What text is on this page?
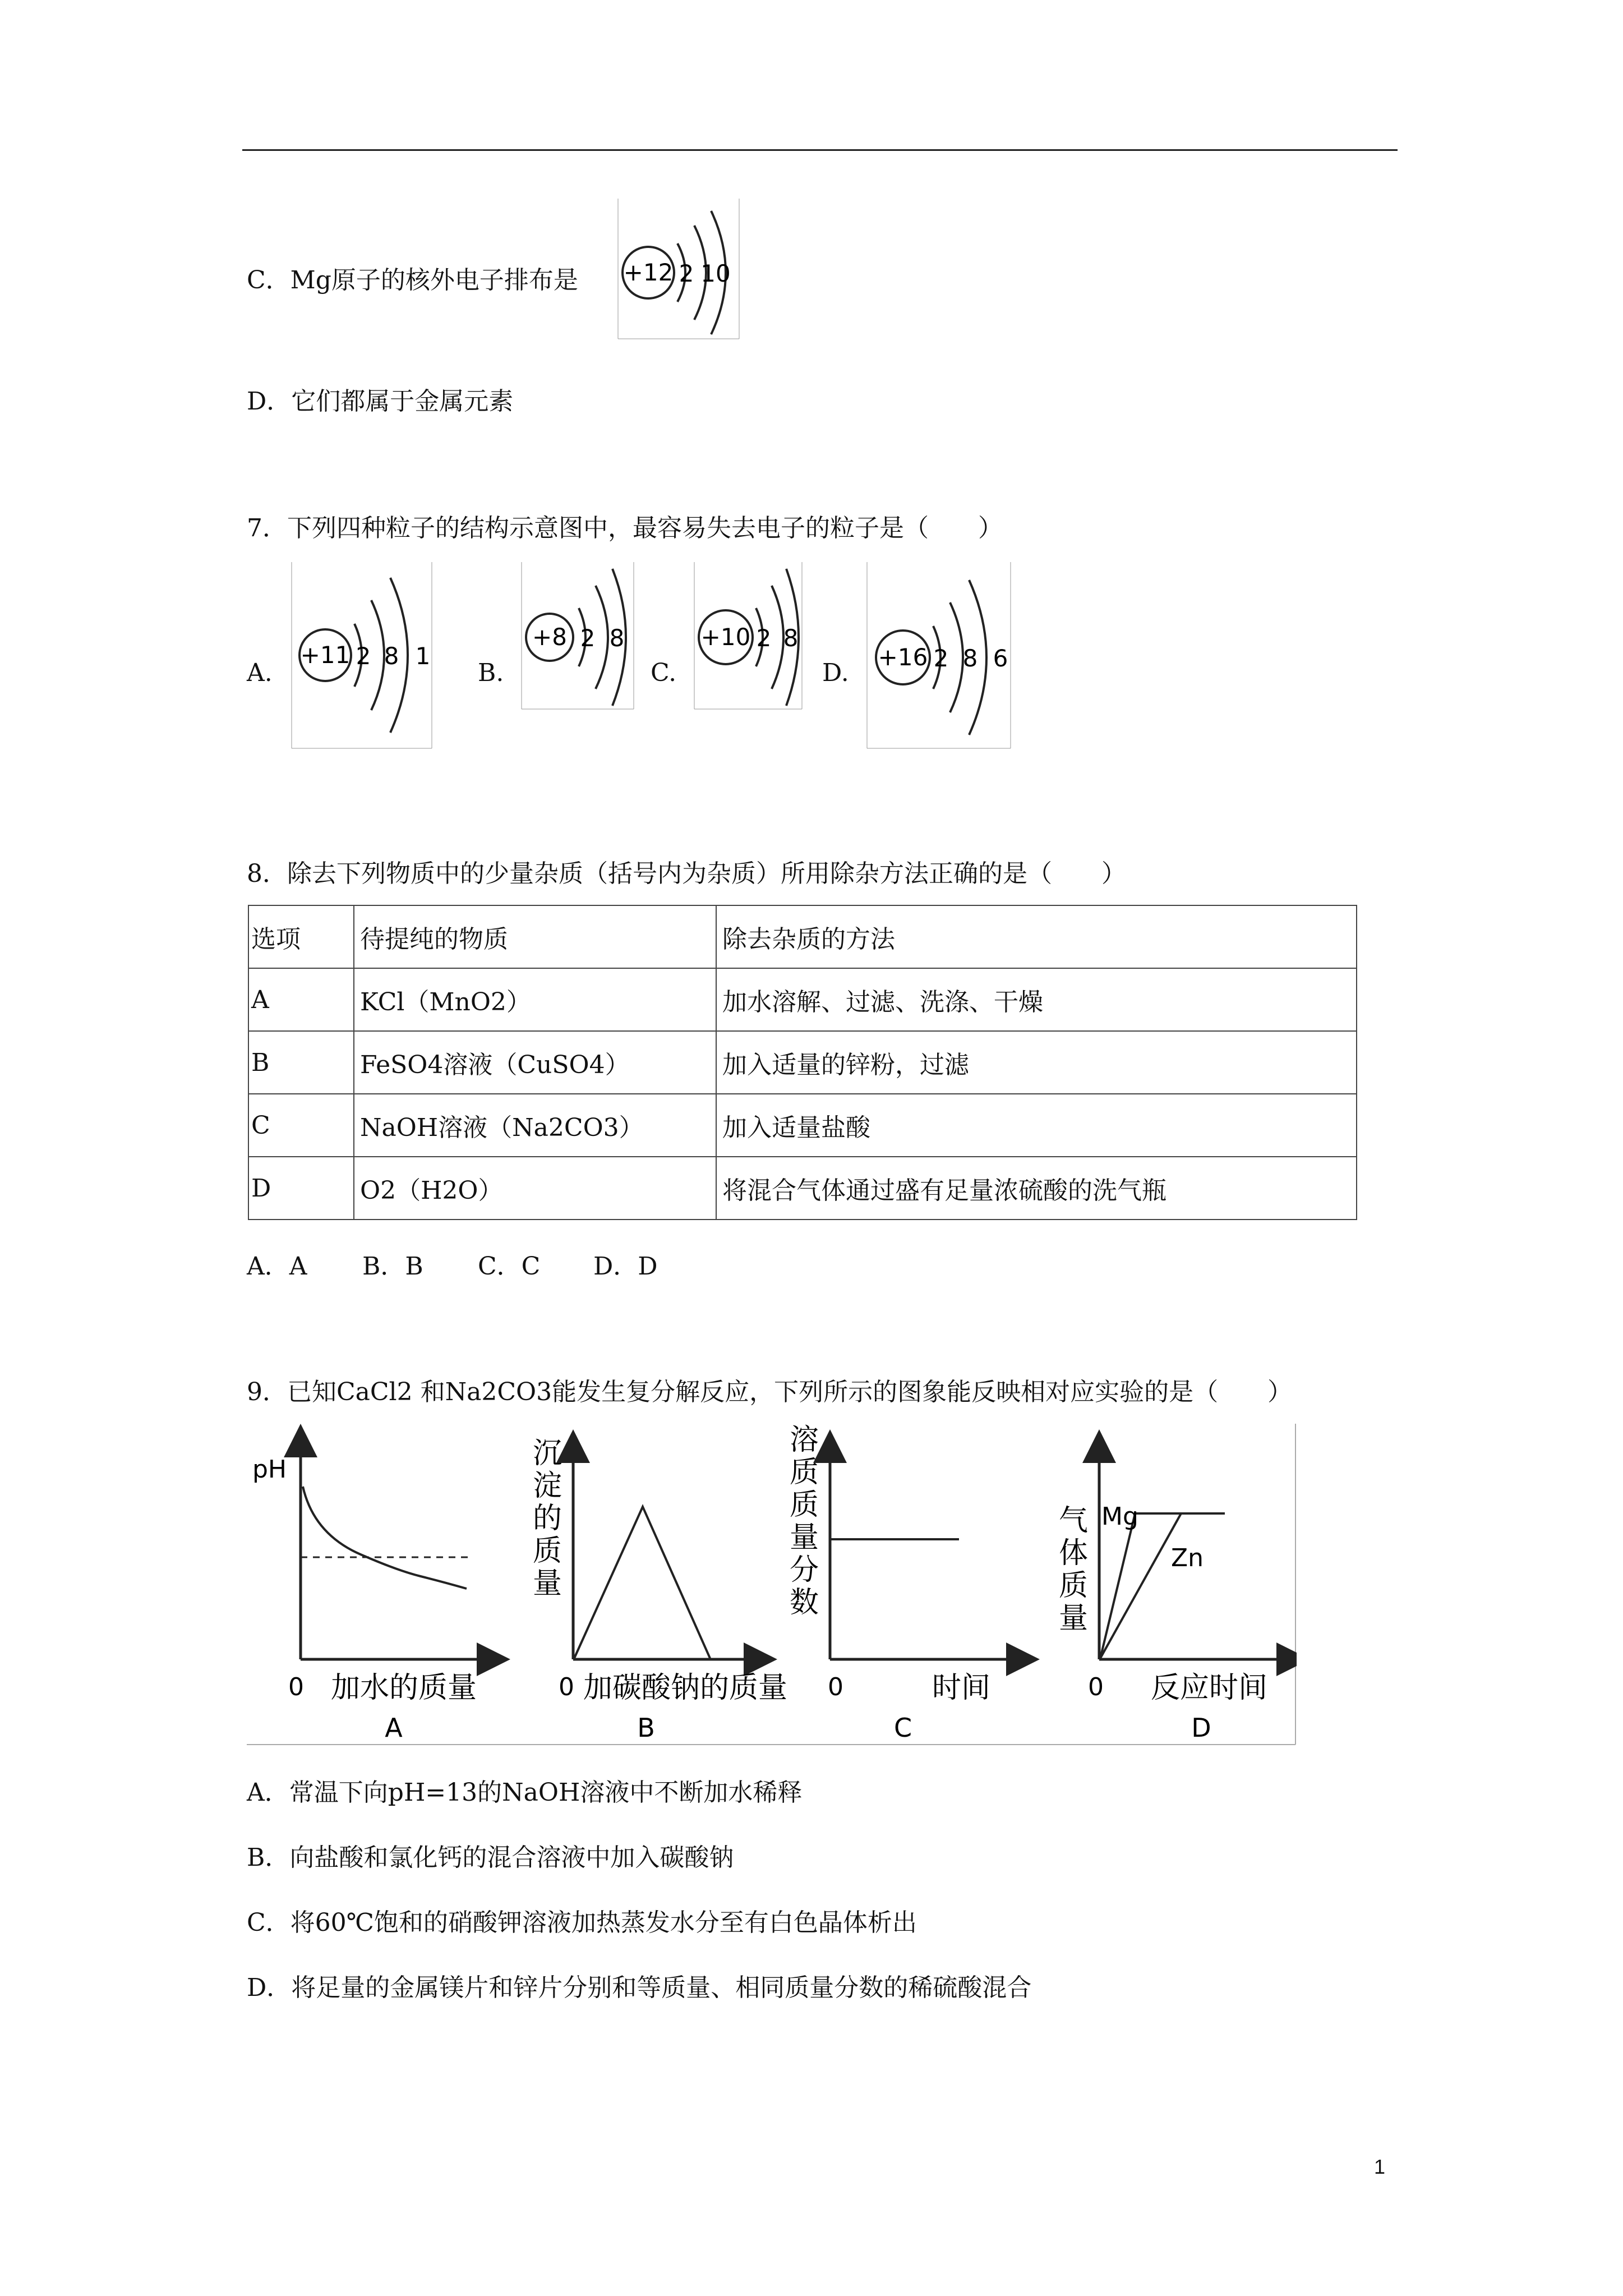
C．Mg原子的核外电子排布是 +12 2 10
D．它们都属于金属元素
7．下列四种粒子的结构示意图中，最容易失去电子的粒子是（　　）
A.
+11 2 8 1
B.
+8 2 8
C.
+10 2 8
D.
+16 2 8 6
8．除去下列物质中的少量杂质（括号内为杂质）所用除杂方法正确的是（　　）
选项	待提纯的物质	除去杂质的方法
A	KCl（MnO2）	加水溶解、过滤、洗涤、干燥
B	FeSO4溶液（CuSO4）	加入适量的锌粉，过滤
C	NaOH溶液（Na2CO3）	加入适量盐酸
D	O2（H2O）	将混合气体通过盛有足量浓硫酸的洗气瓶
A．A B．B C．C D．D
9．已知CaCl2 和Na2CO3能发生复分解反应，下列所示的图象能反映相对应实验的是（　　）
pH
0 加水的质量
A
沉
淀
的
质
量
0 加碳酸钠的质量
B
溶
质
质
量
分
数
0	时间
C
气
体
质
量
Mg
Zn
0 反应时间
D
A．常温下向pH=13的NaOH溶液中不断加水稀释
B．向盐酸和氯化钙的混合溶液中加入碳酸钠
C．将60℃饱和的硝酸钾溶液加热蒸发水分至有白色晶体析出
D．将足量的金属镁片和锌片分别和等质量、相同质量分数的稀硫酸混合
1
